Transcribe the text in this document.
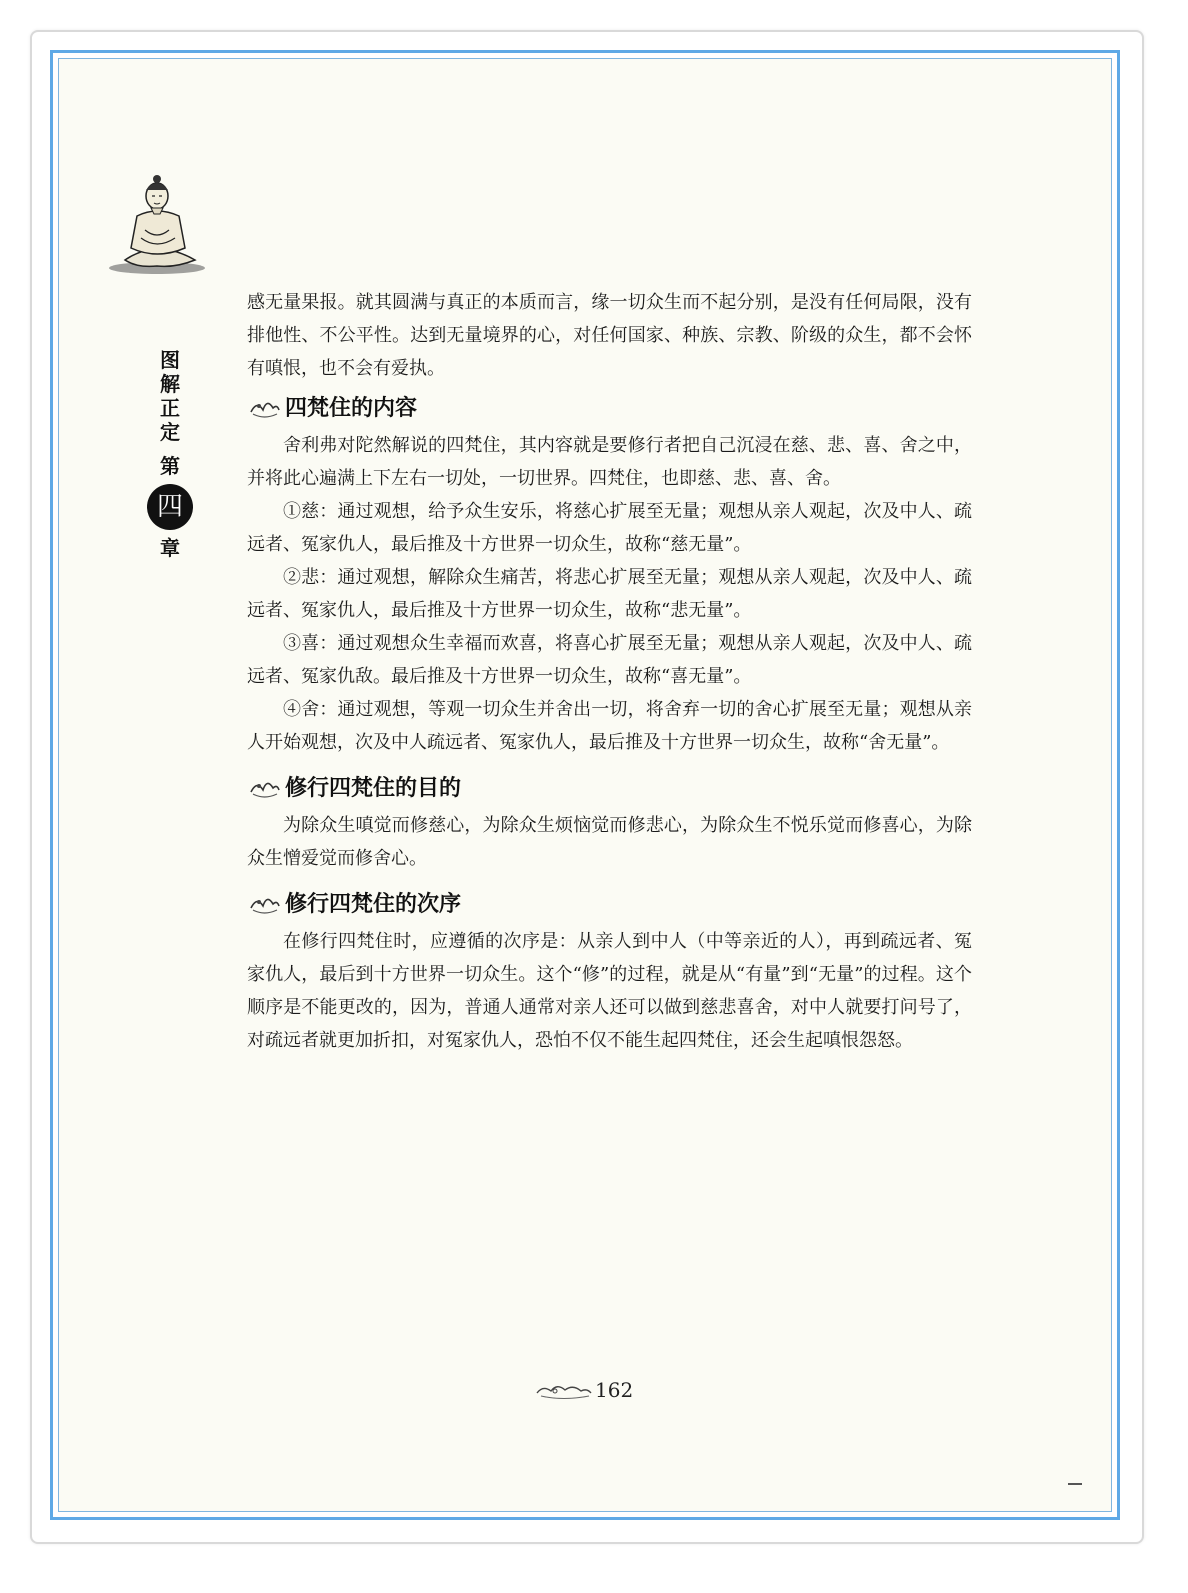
图
解
正
定
第
四
章

感无量果报。就其圆满与真正的本质而言，缘一切众生而不起分别，是没有任何局限，没有排他性、不公平性。达到无量境界的心，对任何国家、种族、宗教、阶级的众生，都不会怀有嗔恨，也不会有爱执。

四梵住的内容

舍利弗对陀然解说的四梵住，其内容就是要修行者把自己沉浸在慈、悲、喜、舍之中，并将此心遍满上下左右一切处，一切世界。四梵住，也即慈、悲、喜、舍。

①慈：通过观想，给予众生安乐，将慈心扩展至无量；观想从亲人观起，次及中人、疏远者、冤家仇人，最后推及十方世界一切众生，故称“慈无量”。

②悲：通过观想，解除众生痛苦，将悲心扩展至无量；观想从亲人观起，次及中人、疏远者、冤家仇人，最后推及十方世界一切众生，故称“悲无量”。

③喜：通过观想众生幸福而欢喜，将喜心扩展至无量；观想从亲人观起，次及中人、疏远者、冤家仇敌。最后推及十方世界一切众生，故称“喜无量”。

④舍：通过观想，等观一切众生并舍出一切，将舍弃一切的舍心扩展至无量；观想从亲人开始观想，次及中人疏远者、冤家仇人，最后推及十方世界一切众生，故称“舍无量”。

修行四梵住的目的

为除众生嗔觉而修慈心，为除众生烦恼觉而修悲心，为除众生不悦乐觉而修喜心，为除众生憎爱觉而修舍心。

修行四梵住的次序

在修行四梵住时，应遵循的次序是：从亲人到中人（中等亲近的人），再到疏远者、冤家仇人，最后到十方世界一切众生。这个“修”的过程，就是从“有量”到“无量”的过程。这个顺序是不能更改的，因为，普通人通常对亲人还可以做到慈悲喜舍，对中人就要打问号了，对疏远者就更加折扣，对冤家仇人，恐怕不仅不能生起四梵住，还会生起嗔恨怨怒。

162
